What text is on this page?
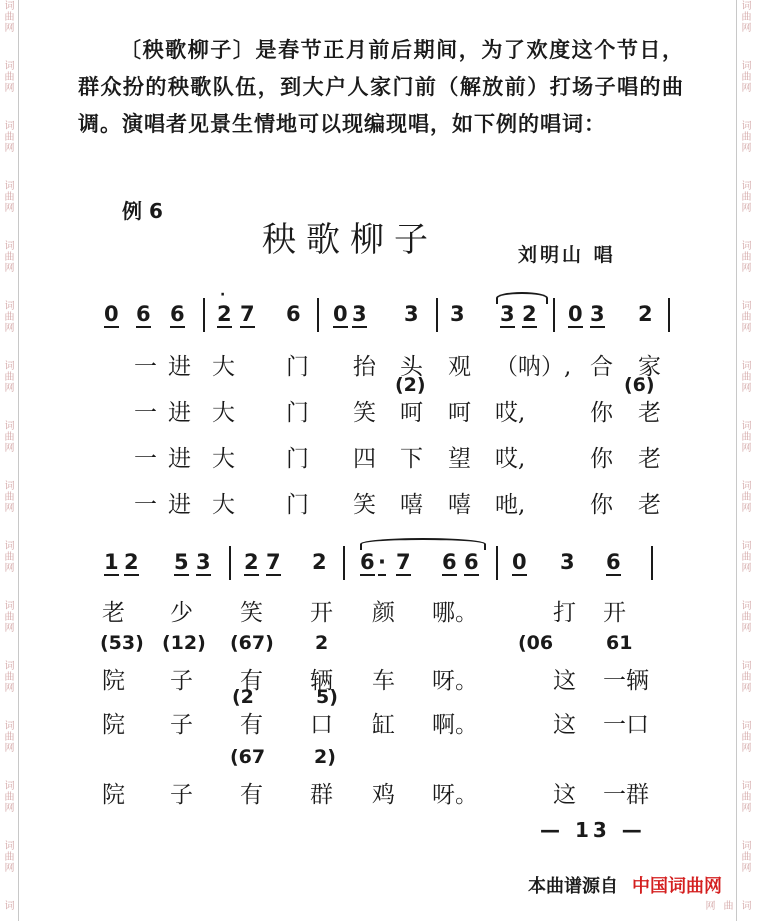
词曲网
词曲网
词曲网
词曲网
词曲网
词曲网
词曲网
词曲网
词曲网
词曲网
词曲网
词曲网
词曲网
词曲网
词曲网
词
词曲网
词曲网
词曲网
词曲网
词曲网
词曲网
词曲网
词曲网
词曲网
词曲网
词曲网
词曲网
词曲网
词曲网
词曲网
词曲网
〔秧歌柳子〕是春节正月前后期间，为了欢度这个节日，群众扮的秧歌队伍，到大户人家门前（解放前）打场子唱的曲调。演唱者见景生情地可以现编现唱，如下例的唱词：
例 6
秧歌柳子	刘明山 唱
0 6 6 2
·
7 6 0 3 3 3 3 2 0 3 2
一 进 大 门 抬 头 观 （呐）, 合 家
一 进 大 门 笑 呵 呵 哎,	你 老
一 进 大 门 四 下 望 哎,	你 老
一 进 大 门 笑 嘻 嘻 吔,	你 老
(2)	(6)
1 2 5 3 2 7 2 6 · 7 6 6 0 3 6
老 少 笑 开 颜 哪。	打 开
院 子 有 辆 车 呀。	这 一辆
院 子 有 口 缸 啊。	这 一口
院 子 有 群 鸡 呀。	这 一群
(53) (12) (67) 2	(06	61
(2	5)
(67	2)
— 13 —
本曲谱源自 中国词曲网
